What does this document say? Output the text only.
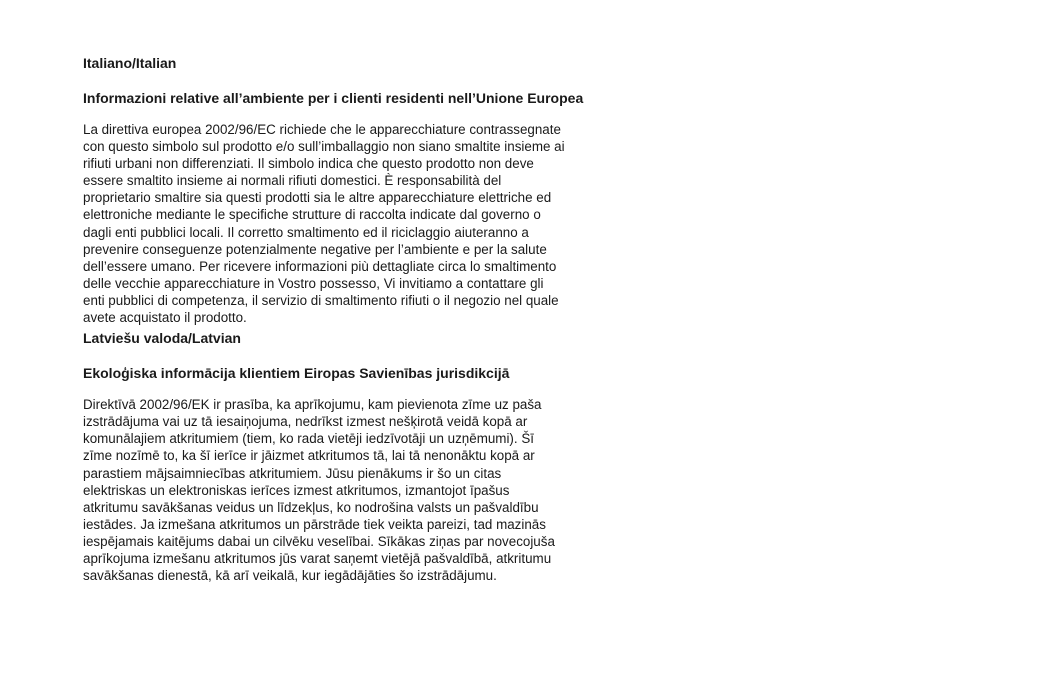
Italiano/Italian
Informazioni relative all’ambiente per i clienti residenti nell’Unione Europea
La direttiva europea 2002/96/EC richiede che le apparecchiature contrassegnate
con questo simbolo sul prodotto e/o sull’imballaggio non siano smaltite insieme ai
rifiuti urbani non differenziati. Il simbolo indica che questo prodotto non deve
essere smaltito insieme ai normali rifiuti domestici. È responsabilità del
proprietario smaltire sia questi prodotti sia le altre apparecchiature elettriche ed
elettroniche mediante le specifiche strutture di raccolta indicate dal governo o
dagli enti pubblici locali. Il corretto smaltimento ed il riciclaggio aiuteranno a
prevenire conseguenze potenzialmente negative per l’ambiente e per la salute
dell’essere umano. Per ricevere informazioni più dettagliate circa lo smaltimento
delle vecchie apparecchiature in Vostro possesso, Vi invitiamo a contattare gli
enti pubblici di competenza, il servizio di smaltimento rifiuti o il negozio nel quale
avete acquistato il prodotto.
Latviešu valoda/Latvian
Ekoloģiska informācija klientiem Eiropas Savienības jurisdikcijā
Direktīvā 2002/96/EK ir prasība, ka aprīkojumu, kam pievienota zīme uz paša
izstrādājuma vai uz tā iesaiņojuma, nedrīkst izmest nešķirotā veidā kopā ar
komunālajiem atkritumiem (tiem, ko rada vietēji iedzīvotāji un uzņēmumi). Šī
zīme nozīmē to, ka šī ierīce ir jāizmet atkritumos tā, lai tā nenonāktu kopā ar
parastiem mājsaimniecības atkritumiem. Jūsu pienākums ir šo un citas
elektriskas un elektroniskas ierīces izmest atkritumos, izmantojot īpašus
atkritumu savākšanas veidus un līdzekļus, ko nodrošina valsts un pašvaldību
iestādes. Ja izmešana atkritumos un pārstrāde tiek veikta pareizi, tad mazinās
iespējamais kaitējums dabai un cilvēku veselībai. Sīkākas ziņas par novecojuša
aprīkojuma izmešanu atkritumos jūs varat saņemt vietējā pašvaldībā, atkritumu
savākšanas dienestā, kā arī veikalā, kur iegādājāties šo izstrādājumu.
